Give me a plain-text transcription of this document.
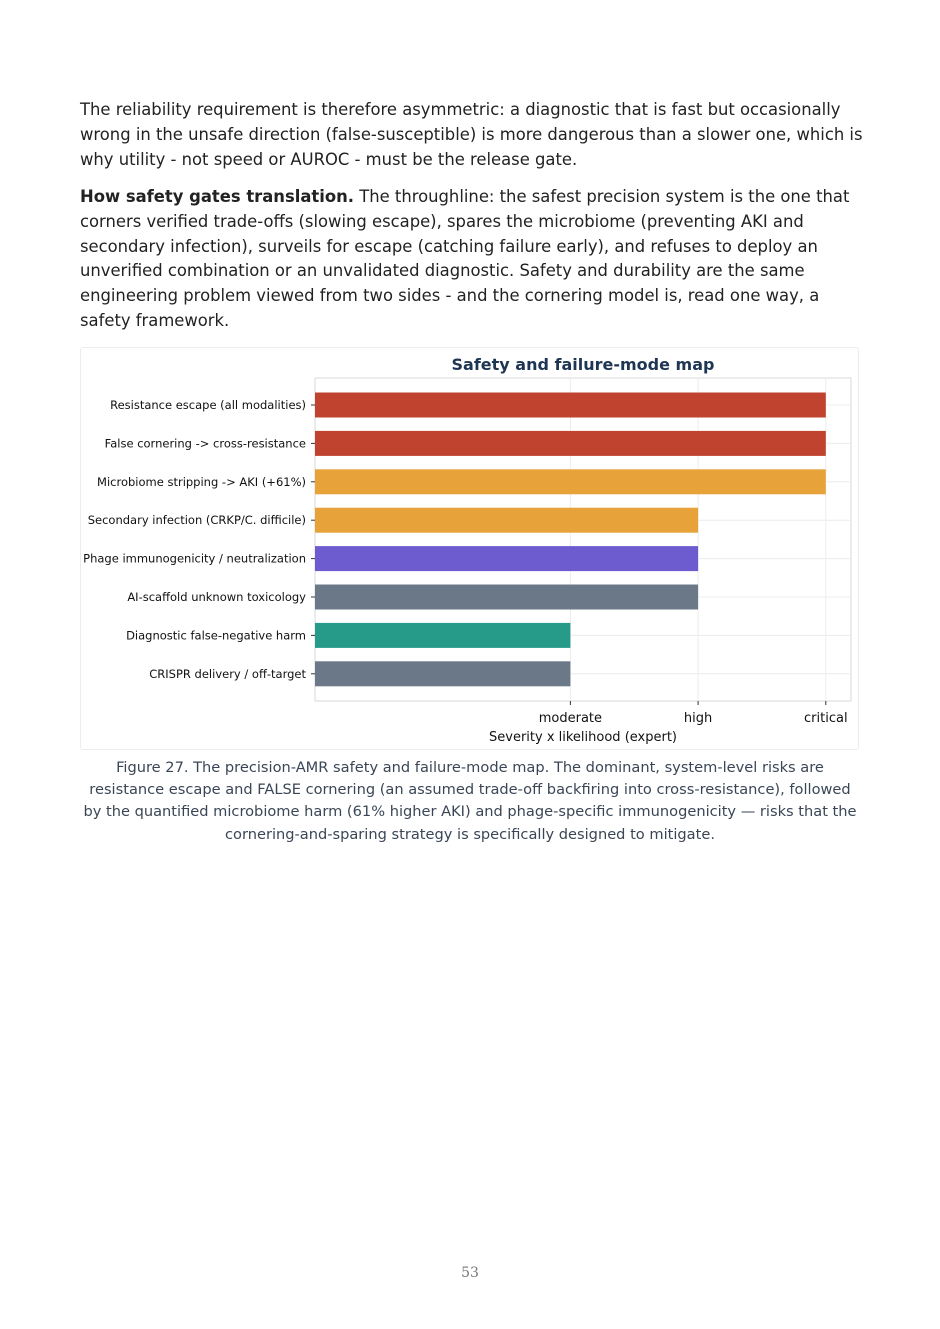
The reliability requirement is therefore asymmetric: a diagnostic that is fast but occasionally wrong in the unsafe direction (false-susceptible) is more dangerous than a slower one, which is why utility - not speed or AUROC - must be the release gate.

How safety gates translation. The throughline: the safest precision system is the one that corners verified trade-offs (slowing escape), spares the microbiome (preventing AKI and secondary infection), surveils for escape (catching failure early), and refuses to deploy an unverified combination or an unvalidated diagnostic. Safety and durability are the same engineering problem viewed from two sides - and the cornering model is, read one way, a safety framework.

Safety and failure-mode map
Resistance escape (all modalities)
False cornering -> cross-resistance
Microbiome stripping -> AKI (+61%)
Secondary infection (CRKP/C. difficile)
Phage immunogenicity / neutralization
AI-scaffold unknown toxicology
Diagnostic false-negative harm
CRISPR delivery / off-target
moderate	high	critical
Severity x likelihood (expert)

Figure 27. The precision-AMR safety and failure-mode map. The dominant, system-level risks are resistance escape and FALSE cornering (an assumed trade-off backfiring into cross-resistance), followed by the quantified microbiome harm (61% higher AKI) and phage-specific immunogenicity — risks that the cornering-and-sparing strategy is specifically designed to mitigate.

53
